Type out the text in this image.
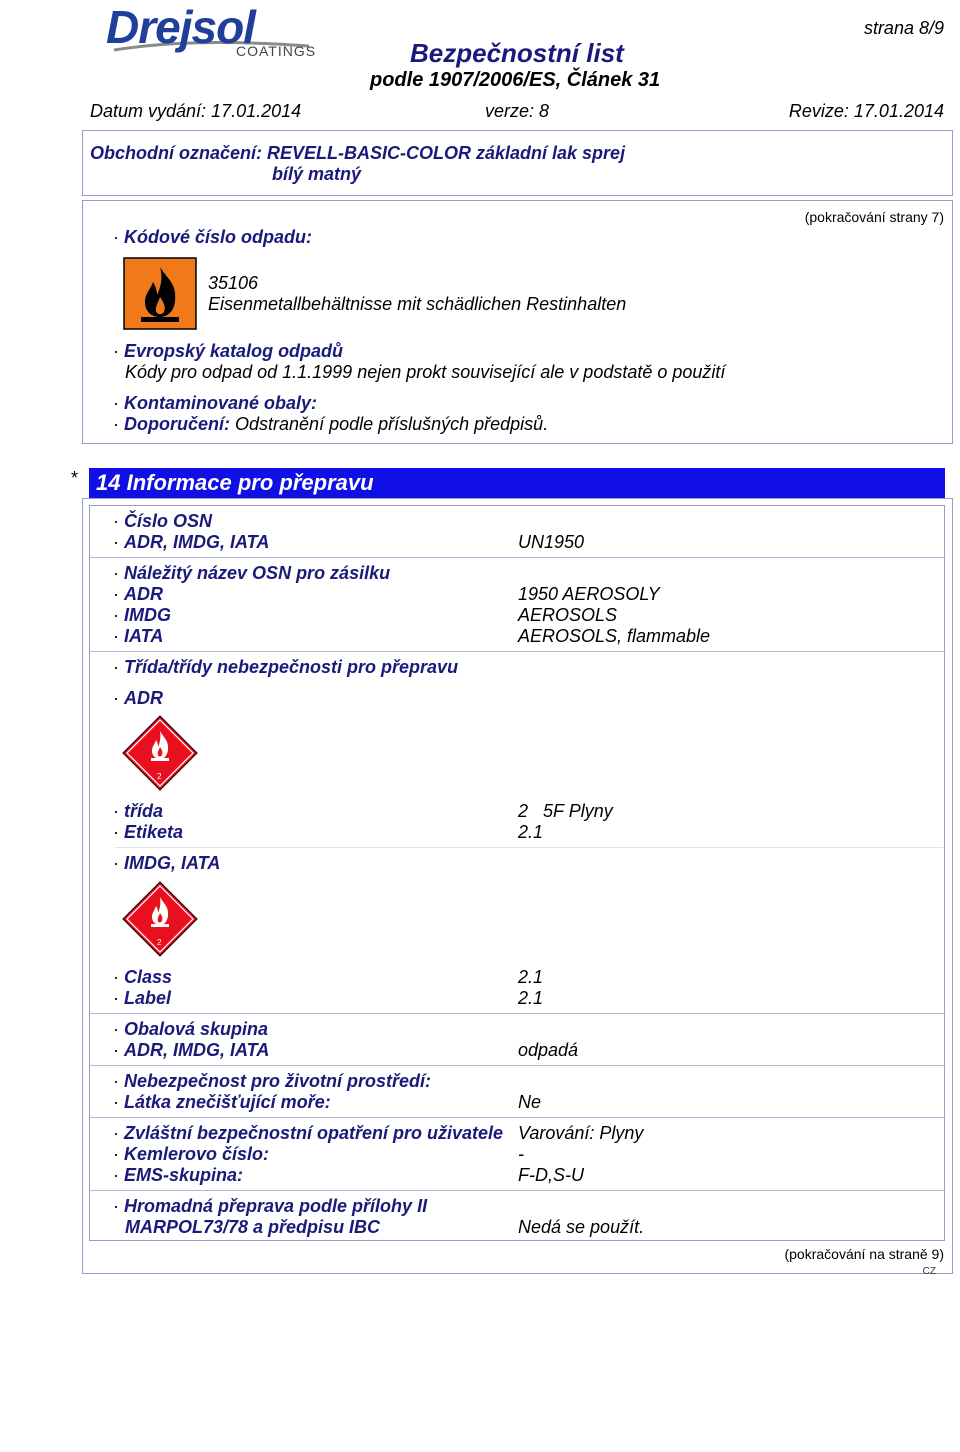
Drejsol
COATINGS
strana 8/9
Bezpečnostní list
podle 1907/2006/ES, Článek 31
Datum vydání: 17.01.2014	verze: 8	Revize: 17.01.2014
Obchodní označení: REVELL-BASIC-COLOR základní lak sprej
bílý matný
(pokračování strany 7)
· Kódové číslo odpadu:
35106
Eisenmetallbehältnisse mit schädlichen Restinhalten
· Evropský katalog odpadů
Kódy pro odpad od 1.1.1999 nejen prokt související ale v podstatě o použití
· Kontaminované obaly:
· Doporučení: Odstranění podle příslušných předpisů.
* 14 Informace pro přepravu
· Číslo OSN
· ADR, IMDG, IATA	UN1950
· Náležitý název OSN pro zásilku
· ADR	1950 AEROSOLY
· IMDG	AEROSOLS
· IATA	AEROSOLS, flammable
· Třída/třídy nebezpečnosti pro přepravu
· ADR
2
· třída	2   5F Plyny
· Etiketa	2.1
· IMDG, IATA
2
· Class	2.1
· Label	2.1
· Obalová skupina
· ADR, IMDG, IATA	odpadá
· Nebezpečnost pro životní prostředí:
· Látka znečišťující moře:	Ne
· Zvláštní bezpečnostní opatření pro uživatele Varování: Plyny
· Kemlerovo číslo:	-
· EMS-skupina:	F-D,S-U
· Hromadná přeprava podle přílohy II
MARPOL73/78 a předpisu IBC	Nedá se použít.
(pokračování na straně 9)
CZ
